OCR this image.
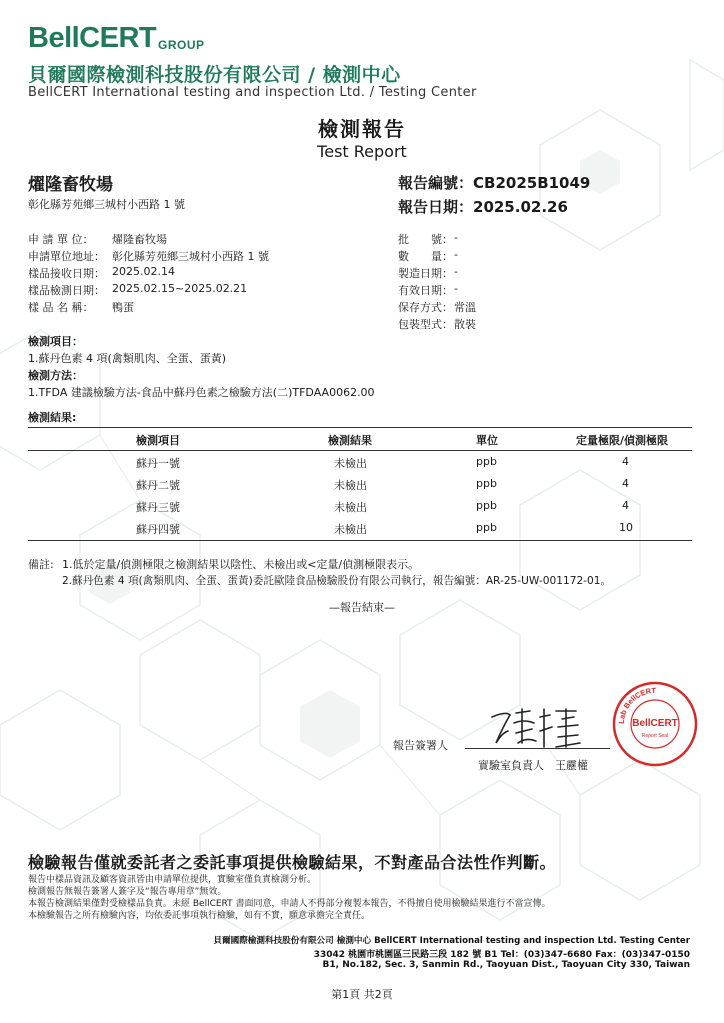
BellCERT GROUP
貝爾國際檢測科技股份有限公司 / 檢測中心
BellCERT International testing and inspection Ltd. / Testing Center
檢測報告
Test Report
燿隆畜牧場
彰化縣芳苑鄉三城村小西路 1 號
報告編號：CB2025B1049
報告日期：2025.02.26
申 請 單 位：	燿隆畜牧場
申請單位地址： 彰化縣芳苑鄉三城村小西路 1 號
樣品接收日期： 2025.02.14
樣品檢測日期： 2025.02.15~2025.02.21
樣 品 名 稱：	鴨蛋
批　　號： -
數　　量： -
製造日期： -
有效日期： -
保存方式： 常溫
包裝型式： 散裝
檢測項目：
1.蘇丹色素 4 項(禽類肌肉、全蛋、蛋黃)
檢測方法：
1.TFDA 建議檢驗方法-食品中蘇丹色素之檢驗方法(二)TFDAA0062.00
檢測結果:
檢測項目	檢測結果	單位	定量極限/偵測極限
蘇丹一號	未檢出	ppb	4
蘇丹二號	未檢出	ppb	4
蘇丹三號	未檢出	ppb	4
蘇丹四號	未檢出	ppb	10
備註: 1.低於定量/偵測極限之檢測結果以陰性、未檢出或<定量/偵測極限表示。
2.蘇丹色素 4 項(禽類肌肉、全蛋、蛋黃)委託歐陸食品檢驗股份有限公司執行，報告編號：AR-25-UW-001172-01。
—報告結束—
報告簽署人
實驗室負責人　王靂權
Lab BellCERT
BellCERT
Report Seal
檢驗報告僅就委託者之委託事項提供檢驗結果，不對產品合法性作判斷。
報告中樣品資訊及顧客資訊皆由申請單位提供，實驗室僅負責檢測分析。
檢測報告無報告簽署人簽字及“報告專用章”無效。
本報告檢測結果僅對受檢樣品負責。未經 BellCERT 書面同意，申請人不得部分複製本報告，不得擅自使用檢驗結果進行不當宣傳。
本檢驗報告之所有檢驗內容，均依委託事項執行檢驗，如有不實，願意承擔完全責任。
貝爾國際檢測科技股份有限公司 檢測中心 BellCERT International testing and inspection Ltd. Testing Center
33042 桃園市桃園區三民路三段 182 號 B1 Tel：(03)347-6680 Fax：(03)347-0150
B1, No.182, Sec. 3, Sanmin Rd., Taoyuan Dist., Taoyuan City 330, Taiwan
第1頁 共2頁
